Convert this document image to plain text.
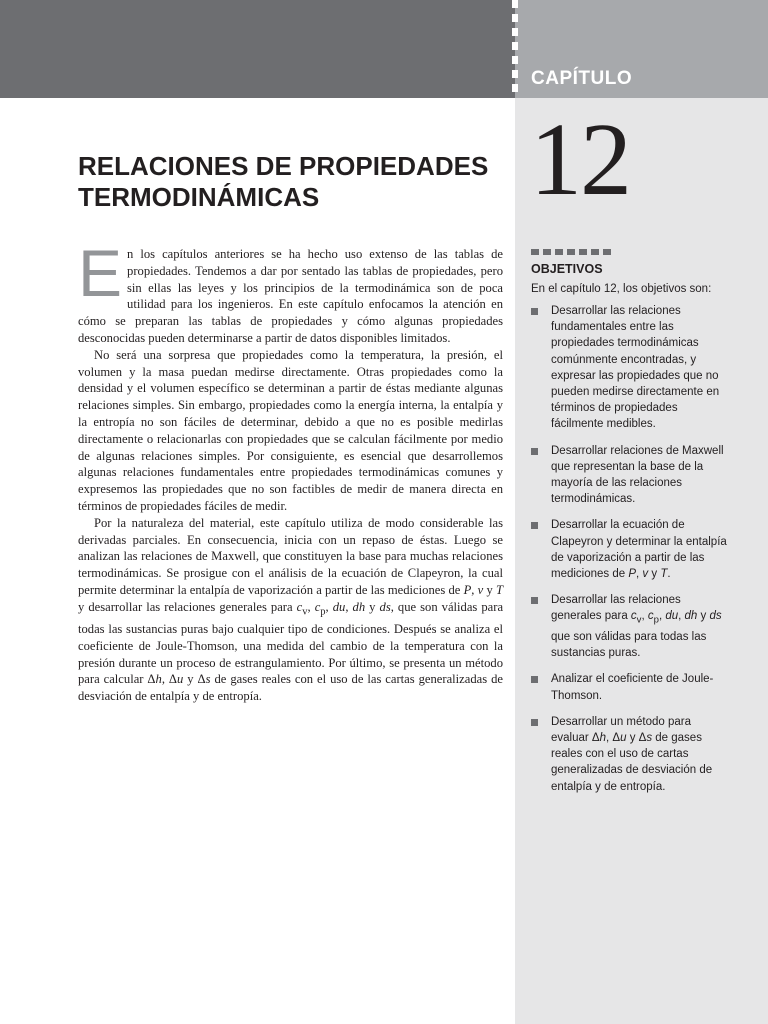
CAPÍTULO
12
RELACIONES DE PROPIEDADES
TERMODINÁMICAS

En los capítulos anteriores se ha hecho uso extenso de las tablas de propiedades. Tendemos a dar por sentado las tablas de propiedades, pero sin ellas las leyes y los principios de la termodinámica son de poca utilidad para los ingenieros. En este capítulo enfocamos la atención en cómo se preparan las tablas de propiedades y cómo algunas propiedades desconocidas pueden determinarse a partir de datos disponibles limitados.

No será una sorpresa que propiedades como la temperatura, la presión, el volumen y la masa puedan medirse directamente. Otras propiedades como la densidad y el volumen específico se determinan a partir de éstas mediante algunas relaciones simples. Sin embargo, propiedades como la energía interna, la entalpía y la entropía no son fáciles de determinar, debido a que no es posible medirlas directamente o relacionarlas con propiedades que se calculan fácilmente por medio de algunas relaciones simples. Por consiguiente, es esencial que desarrollemos algunas relaciones fundamentales entre propiedades termodinámicas comunes y expresemos las propiedades que no son factibles de medir de manera directa en términos de propiedades fáciles de medir.

Por la naturaleza del material, este capítulo utiliza de modo considerable las derivadas parciales. En consecuencia, inicia con un repaso de éstas. Luego se analizan las relaciones de Maxwell, que constituyen la base para muchas relaciones termodinámicas. Se prosigue con el análisis de la ecuación de Clapeyron, la cual permite determinar la entalpía de vaporización a partir de las mediciones de P, v y T y desarrollar las relaciones generales para $c_v$, $c_p$, du, dh y ds, que son válidas para todas las sustancias puras bajo cualquier tipo de condiciones. Después se analiza el coeficiente de Joule-Thomson, una medida del cambio de la temperatura con la presión durante un proceso de estrangulamiento. Por último, se presenta un método para calcular Δh, Δu y Δs de gases reales con el uso de las cartas generalizadas de desviación de entalpía y de entropía.

OBJETIVOS
En el capítulo 12, los objetivos son:
Desarrollar las relaciones fundamentales entre las propiedades termodinámicas comúnmente encontradas, y expresar las propiedades que no pueden medirse directamente en términos de propiedades fácilmente medibles.
Desarrollar relaciones de Maxwell que representan la base de la mayoría de las relaciones termodinámicas.
Desarrollar la ecuación de Clapeyron y determinar la entalpía de vaporización a partir de las mediciones de P, v y T.
Desarrollar las relaciones generales para $c_v$, $c_p$, du, dh y ds que son válidas para todas las sustancias puras.
Analizar el coeficiente de Joule-Thomson.
Desarrollar un método para evaluar Δh, Δu y Δs de gases reales con el uso de cartas generalizadas de desviación de entalpía y de entropía.
